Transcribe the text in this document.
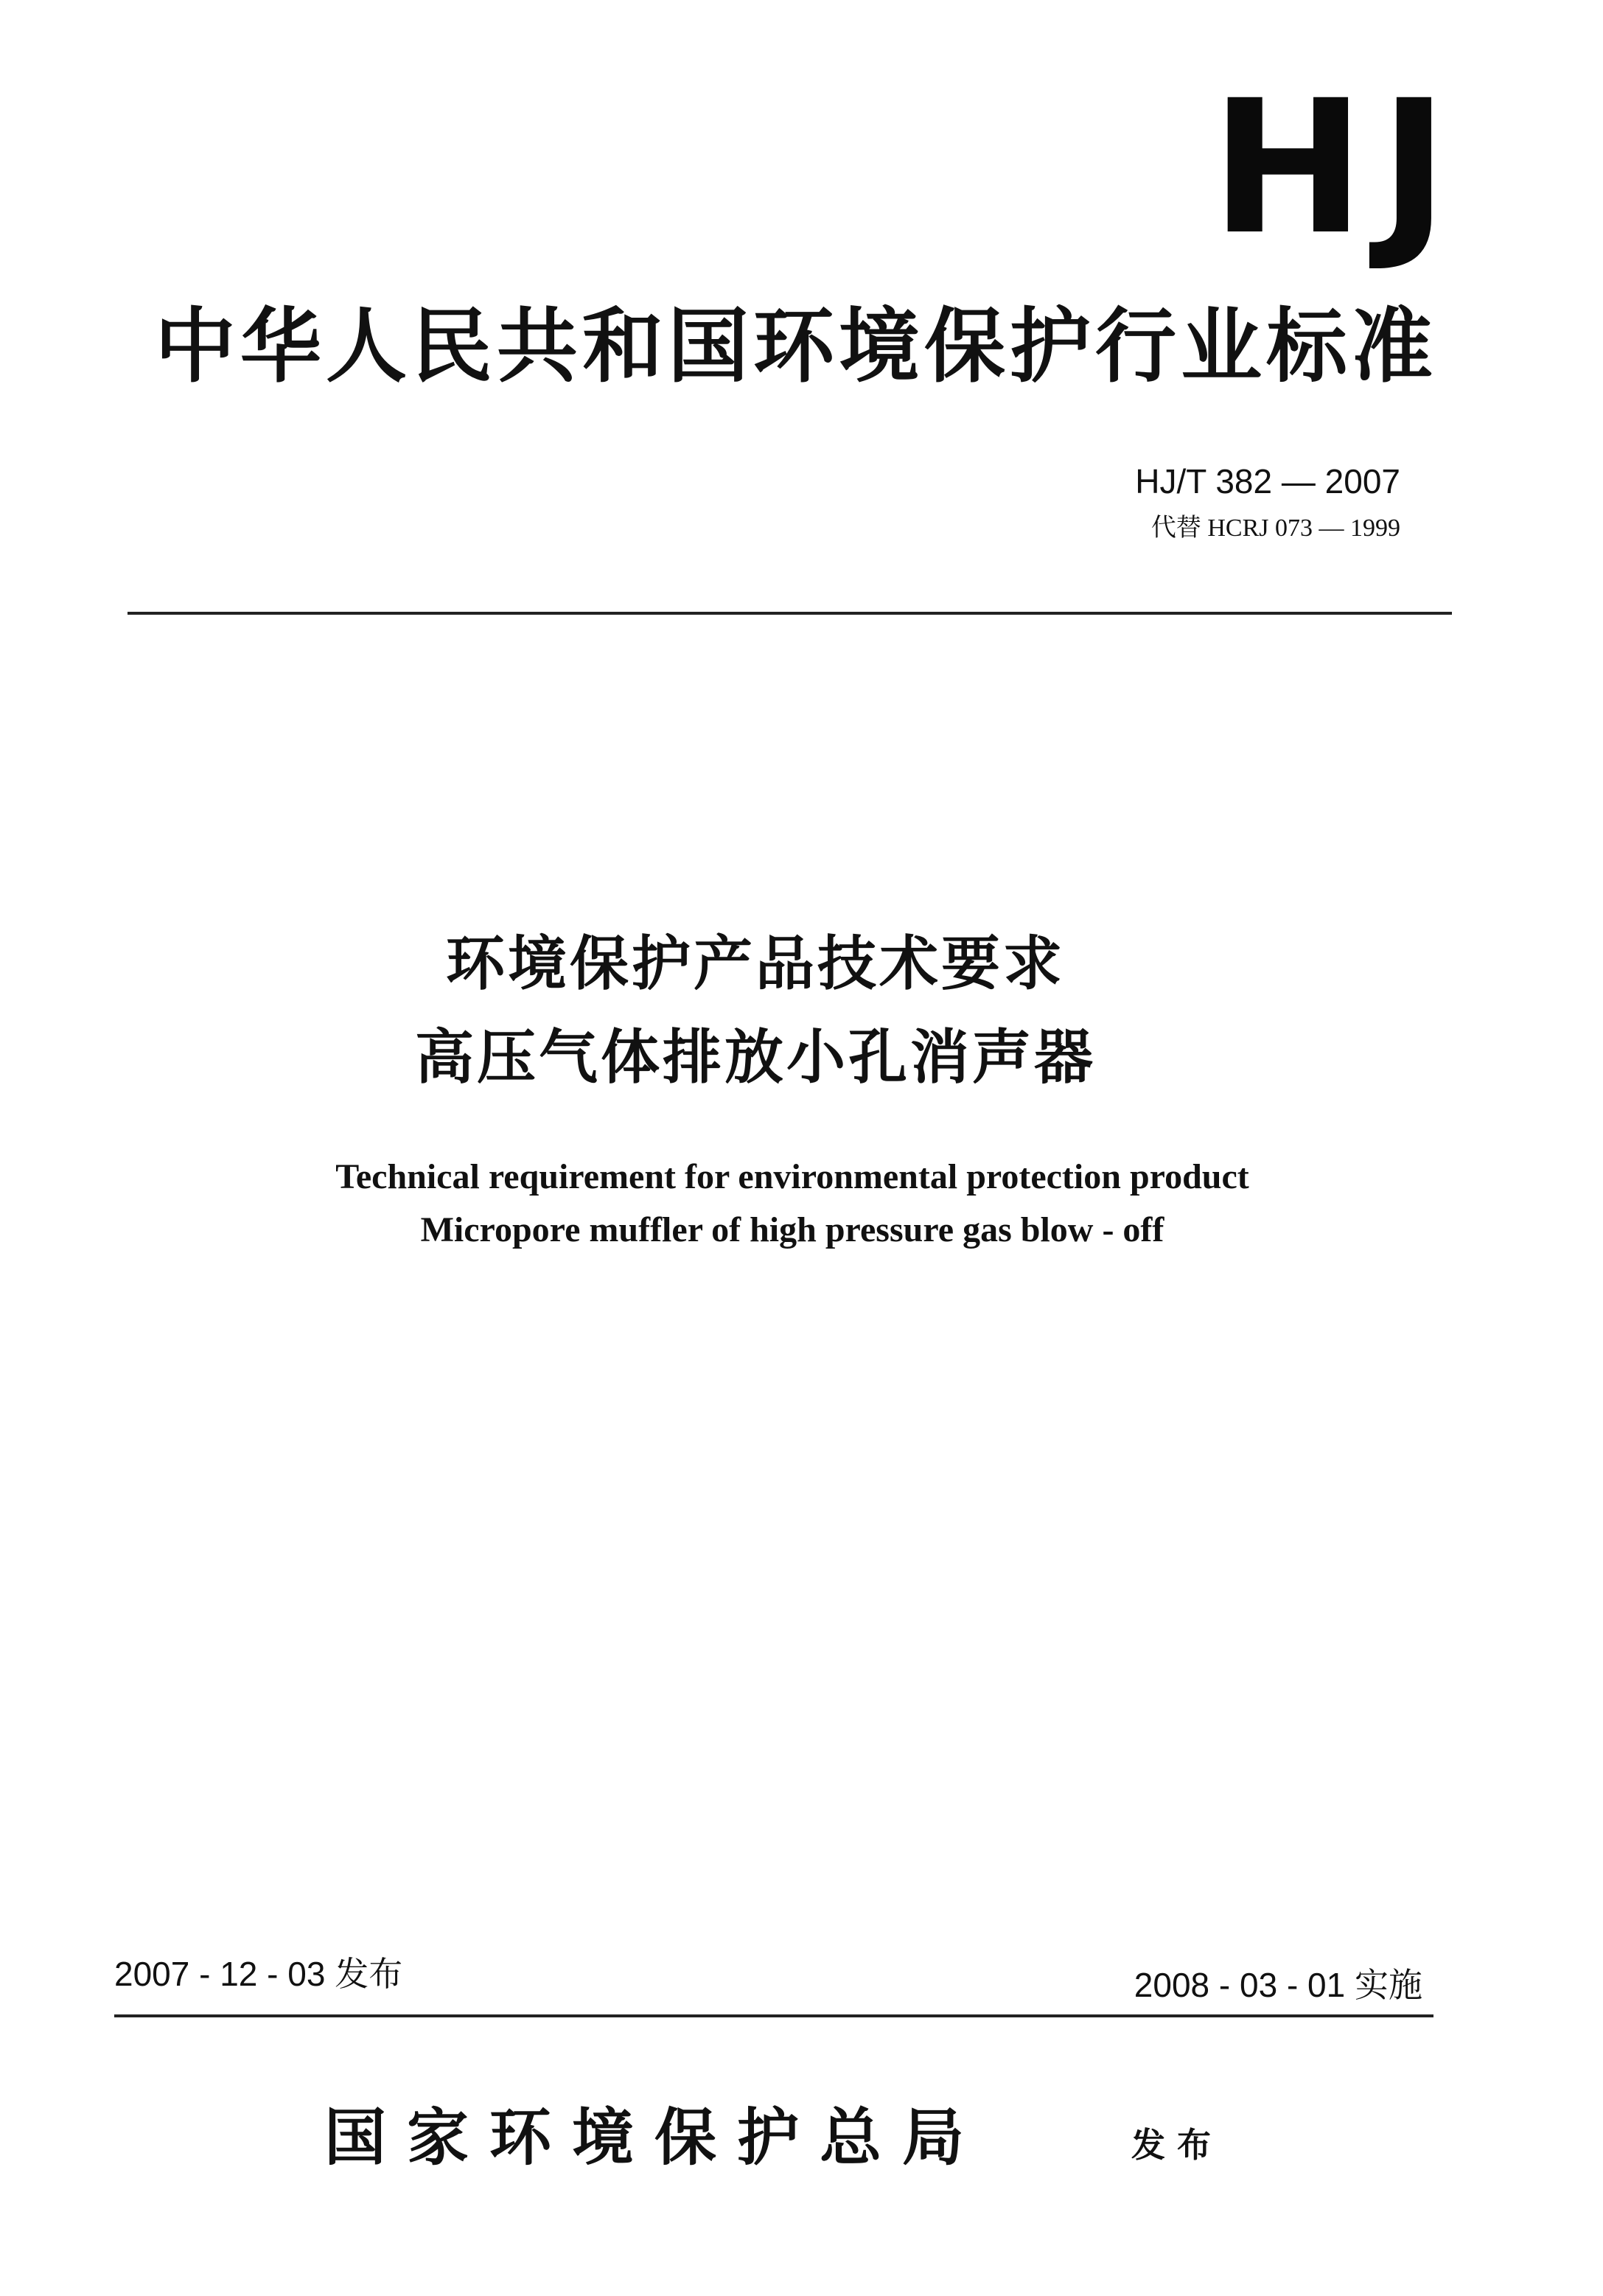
HJ
中华人民共和国环境保护行业标准
HJ/T 382 — 2007
代替 HCRJ 073 — 1999
环境保护产品技术要求
高压气体排放小孔消声器
Technical requirement for environmental protection product
Micropore muffler of high pressure gas blow - off
2007 - 12 - 03 发布	2008 - 03 - 01 实施
国家环境保护总局	发布
